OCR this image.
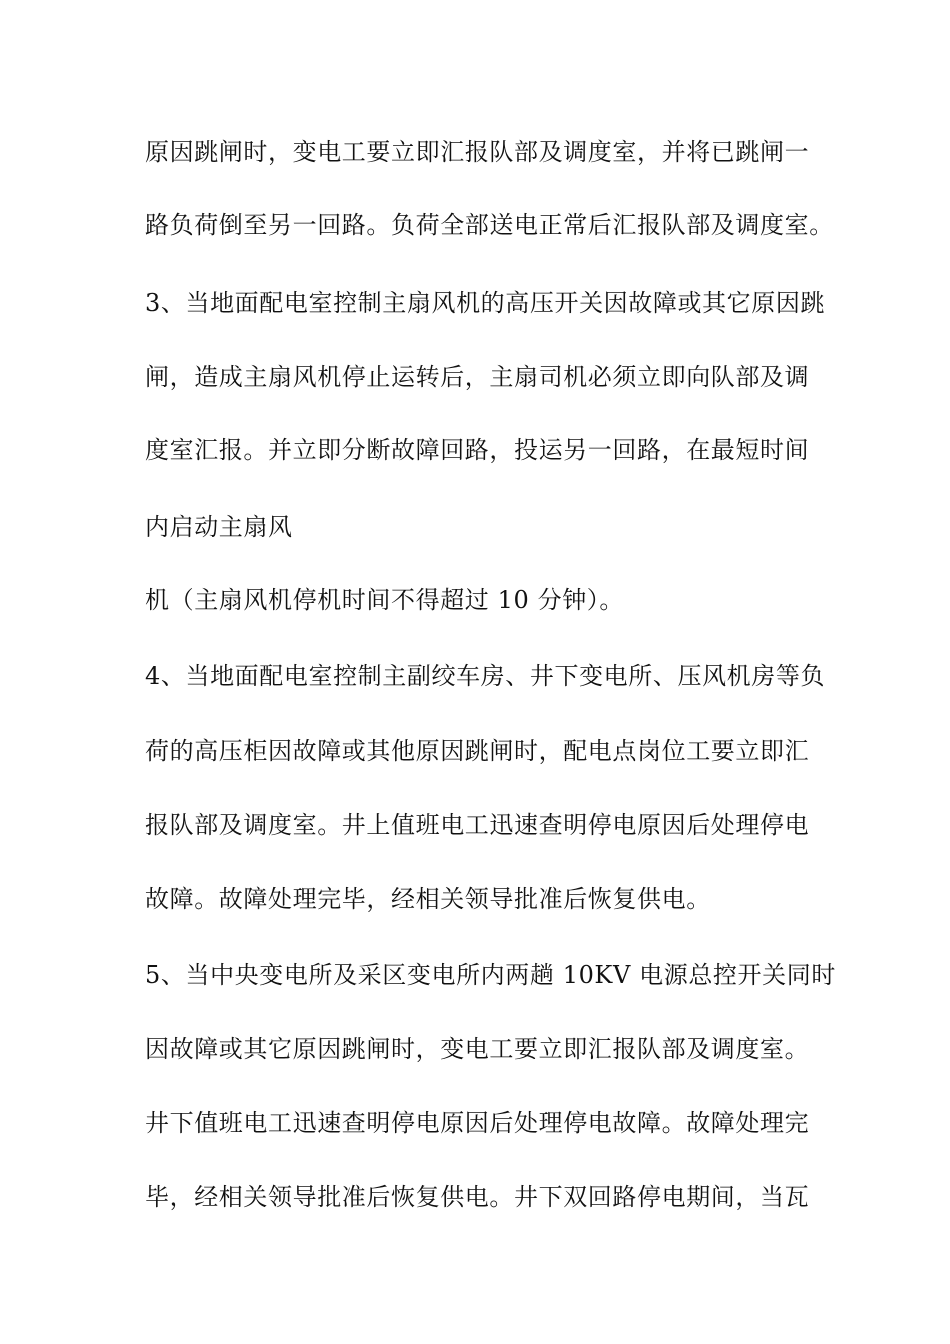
原因跳闸时，变电工要立即汇报队部及调度室，并将已跳闸一
路负荷倒至另一回路。负荷全部送电正常后汇报队部及调度室。
3、当地面配电室控制主扇风机的高压开关因故障或其它原因跳
闸，造成主扇风机停止运转后，主扇司机必须立即向队部及调
度室汇报。并立即分断故障回路，投运另一回路，在最短时间
内启动主扇风
机（主扇风机停机时间不得超过 10 分钟）。
4、当地面配电室控制主副绞车房、井下变电所、压风机房等负
荷的高压柜因故障或其他原因跳闸时，配电点岗位工要立即汇
报队部及调度室。井上值班电工迅速查明停电原因后处理停电
故障。故障处理完毕，经相关领导批准后恢复供电。
5、当中央变电所及采区变电所内两趟 10KV 电源总控开关同时
因故障或其它原因跳闸时，变电工要立即汇报队部及调度室。
井下值班电工迅速查明停电原因后处理停电故障。故障处理完
毕，经相关领导批准后恢复供电。井下双回路停电期间，当瓦
